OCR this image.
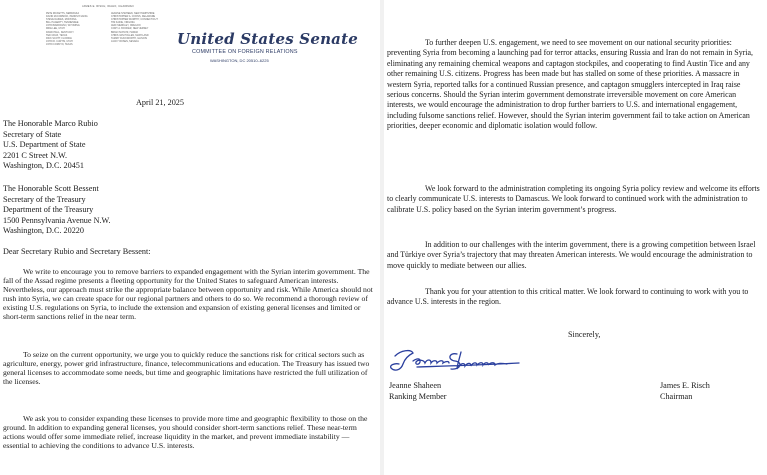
JAMES E. RISCH, IDAHO, CHAIRMAN
PETE RICKETTS, NEBRASKA
DAVID McCORMICK, PENNSYLVANIA
STEVE DAINES, MONTANA
BILL HAGERTY, TENNESSEE
JOHN BARRASSO, WYOMING
MIKE LEE, UTAH
RAND PAUL, KENTUCKY
TED CRUZ, TEXAS
RICK SCOTT, FLORIDA
JOHN R. CURTIS, UTAH
JOHN CORNYN, TEXAS
JEANNE SHAHEEN, NEW HAMPSHIRE
CHRISTOPHER A. COONS, DELAWARE
CHRISTOPHER MURPHY, CONNECTICUT
TIM KAINE, VIRGINIA
JEFF MERKLEY, OREGON
CORY A. BOOKER, NEW JERSEY
BRIAN SCHATZ, HAWAII
CHRIS VAN HOLLEN, MARYLAND
TAMMY DUCKWORTH, ILLINOIS
JACKY ROSEN, NEVADA	United States Senate
COMMITTEE ON FOREIGN RELATIONS
WASHINGTON, DC 20510–6225
April 21, 2025
The Honorable Marco Rubio
Secretary of State
U.S. Department of State
2201 C Street N.W.
Washington, D.C. 20451
The Honorable Scott Bessent
Secretary of the Treasury
Department of the Treasury
1500 Pennsylvania Avenue N.W.
Washington, D.C. 20220
Dear Secretary Rubio and Secretary Bessent:
We write to encourage you to remove barriers to expanded engagement with the Syrian interim government. The fall of the Assad regime presents a fleeting opportunity for the United States to safeguard American interests. Nevertheless, our approach must strike the appropriate balance between opportunity and risk. While America should not rush into Syria, we can create space for our regional partners and others to do so. We recommend a thorough review of existing U.S. regulations on Syria, to include the extension and expansion of existing general licenses and limited or short-term sanctions relief in the near term.
To seize on the current opportunity, we urge you to quickly reduce the sanctions risk for critical sectors such as agriculture, energy, power grid infrastructure, finance, telecommunications and education. The Treasury has issued two general licenses to accommodate some needs, but time and geographic limitations have restricted the full utilization of the licenses.
We ask you to consider expanding these licenses to provide more time and geographic flexibility to those on the ground. In addition to expanding general licenses, you should consider short-term sanctions relief. These near-term actions would offer some immediate relief, increase liquidity in the market, and prevent immediate instability — essential to achieving the conditions to advance U.S. interests.
To further deepen U.S. engagement, we need to see movement on our national security priorities: preventing Syria from becoming a launching pad for terror attacks, ensuring Russia and Iran do not remain in Syria, eliminating any remaining chemical weapons and captagon stockpiles, and cooperating to find Austin Tice and any other remaining U.S. citizens. Progress has been made but has stalled on some of these priorities. A massacre in western Syria, reported talks for a continued Russian presence, and captagon smugglers intercepted in Iraq raise serious concerns. Should the Syrian interim government demonstrate irreversible movement on core American interests, we would encourage the administration to drop further barriers to U.S. and international engagement, including fulsome sanctions relief. However, should the Syrian interim government fail to take action on American priorities, deeper economic and diplomatic isolation would follow.
We look forward to the administration completing its ongoing Syria policy review and welcome its efforts to clearly communicate U.S. interests to Damascus. We look forward to continued work with the administration to calibrate U.S. policy based on the Syrian interim government’s progress.
In addition to our challenges with the interim government, there is a growing competition between Israel and Türkiye over Syria’s trajectory that may threaten American interests. We would encourage the administration to move quickly to mediate between our allies.
Thank you for your attention to this critical matter. We look forward to continuing to work with you to advance U.S. interests in the region.
Sincerely,
Jeanne Shaheen
Ranking Member
James E. Risch
Chairman
